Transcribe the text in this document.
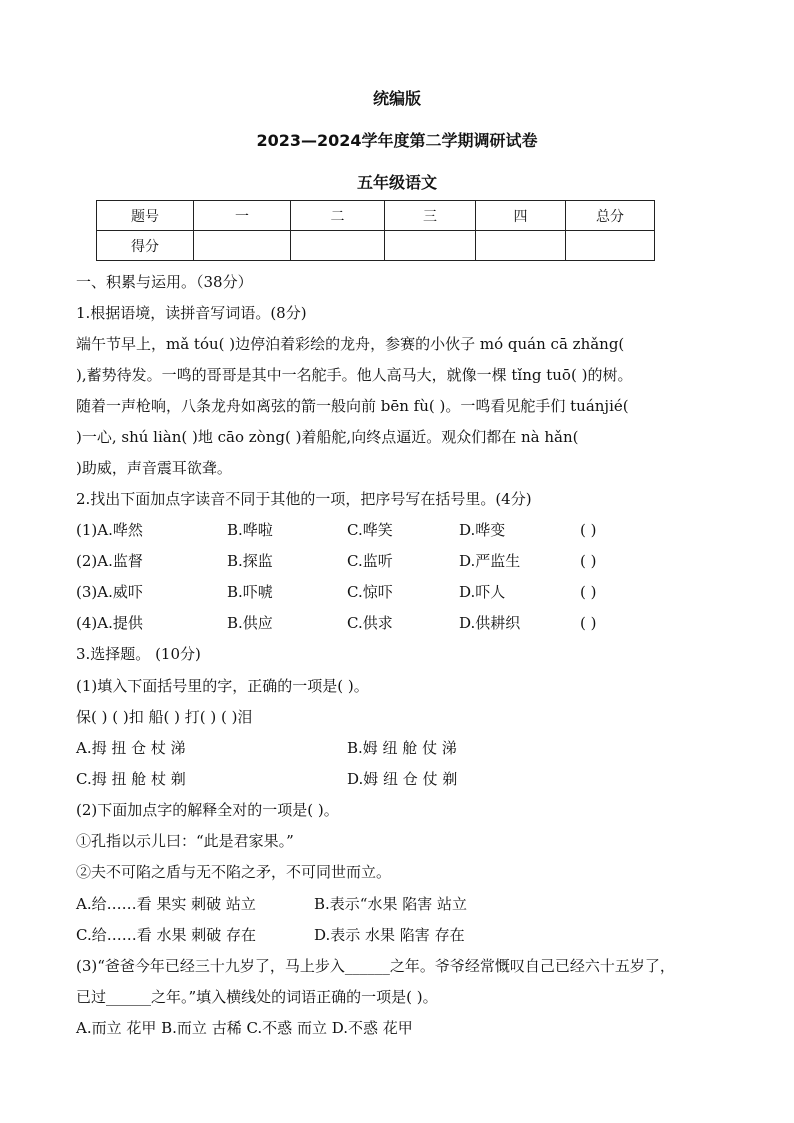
统编版
2023—2024学年度第二学期调研试卷
五年级语文
题号	一	二	三	四	总分
得分					
一、积累与运用。（38分）
1.根据语境，读拼音写词语。(8分)
端午节早上，mǎ tóu( )边停泊着彩绘的龙舟，参赛的小伙子 mó quán cā zhǎng(
),蓄势待发。一鸣的哥哥是其中一名舵手。他人高马大，就像一棵 tǐng tuō( )的树。
随着一声枪响，八条龙舟如离弦的箭一般向前 bēn fù( )。一鸣看见舵手们 tuánjié(
)一心, shú liàn( )地 cāo zòng( )着船舵,向终点逼近。观众们都在 nà hǎn(
)助威，声音震耳欲聋。
2.找出下面加点字读音不同于其他的一项，把序号写在括号里。(4分)
(1)A.哗然	B.哗啦	C.哗笑	D.哗变	( )
(2)A.监督	B.探监	C.监听	D.严监生	( )
(3)A.威吓	B.吓唬	C.惊吓	D.吓人	( )
(4)A.提供	B.供应	C.供求	D.供耕织	( )
3.选择题。 (10分)
(1)填入下面括号里的字，正确的一项是( )。
保( ) ( )扣 船( ) 打( ) ( )泪
A.拇 扭 仓 杖 涕	B.姆 纽 舱 仗 涕
C.拇 扭 舱 杖 剃	D.姆 纽 仓 仗 剃
(2)下面加点字的解释全对的一项是( )。
①孔指以示儿曰：“此是君家果。”
②夫不可陷之盾与无不陷之矛，不可同世而立。
A.给……看 果实 刺破 站立	B.表示“水果 陷害 站立
C.给……看 水果 刺破 存在	D.表示 水果 陷害 存在
(3)“爸爸今年已经三十九岁了，马上步入______之年。爷爷经常慨叹自己已经六十五岁了，
已过______之年。”填入横线处的词语正确的一项是( )。
A.而立 花甲 B.而立 古稀 C.不惑 而立 D.不惑 花甲
